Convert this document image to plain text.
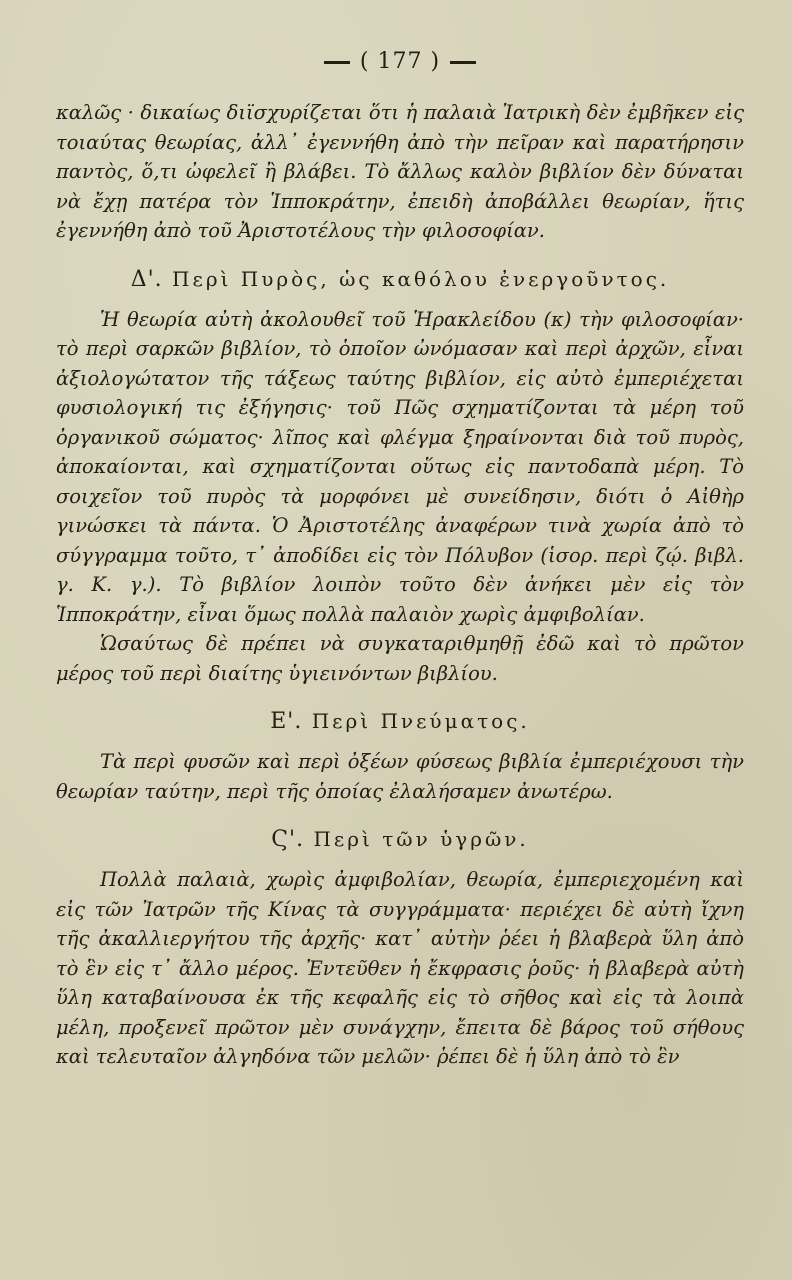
( 177 )

καλῶς · δικαίως διϊσχυρίζεται ὅτι ἡ παλαιὰ Ἰατρικὴ δὲν ἐμβῆκεν εἰς τοιαύτας θεωρίας, ἀλλ᾽ ἐγεννήθη ἀπὸ τὴν πεῖραν καὶ παρατήρησιν παντὸς, ὅ,τι ὠφελεῖ ἢ βλάβει. Τὸ ἄλλως καλὸν βιβλίον δὲν δύναται νὰ ἔχῃ πατέρα τὸν Ἱπποκράτην, ἐπειδὴ ἀποβάλλει θεωρίαν, ἥτις ἐγεννήθη ἀπὸ τοῦ Ἀριστοτέλους τὴν φιλοσοφίαν.

Δ'. Περὶ Πυρὸς, ὡς καθόλου ἐνεργοῦντος.

Ἡ θεωρία αὐτὴ ἀκολουθεῖ τοῦ Ἡρακλείδου (κ) τὴν φιλοσοφίαν· τὸ περὶ σαρκῶν βιβλίον, τὸ ὁποῖον ὠνόμασαν καὶ περὶ ἀρχῶν, εἶναι ἀξιολογώτατον τῆς τάξεως ταύτης βιβλίον, εἰς αὐτὸ ἐμπεριέχεται φυσιολογική τις ἐξήγησις· τοῦ Πῶς σχηματίζονται τὰ μέρη τοῦ ὀργανικοῦ σώματος· λῖπος καὶ φλέγμα ξηραίνονται διὰ τοῦ πυρὸς, ἀποκαίονται, καὶ σχηματίζονται οὕτως εἰς παντοδαπὰ μέρη. Τὸ σοιχεῖον τοῦ πυρὸς τὰ μορφόνει μὲ συνείδησιν, διότι ὁ Αἰθὴρ γινώσκει τὰ πάντα. Ὁ Ἀριστοτέλης ἀναφέρων τινὰ χωρία ἀπὸ τὸ σύγγραμμα τοῦτο, τ᾽ ἀποδίδει εἰς τὸν Πόλυβον (ἱσορ. περὶ ζῴ. βιβλ. γ. Κ. γ.). Τὸ βιβλίον λοιπὸν τοῦτο δὲν ἀνήκει μὲν εἰς τὸν Ἱπποκράτην, εἶναι ὅμως πολλὰ παλαιὸν χωρὶς ἀμφιβολίαν.

Ὡσαύτως δὲ πρέπει νὰ συγκαταριθμηθῇ ἐδῶ καὶ τὸ πρῶτον μέρος τοῦ περὶ διαίτης ὑγιεινόντων βιβλίου.

Ε'. Περὶ Πνεύματος.

Τὰ περὶ φυσῶν καὶ περὶ ὀξέων φύσεως βιβλία ἐμπεριέχουσι τὴν θεωρίαν ταύτην, περὶ τῆς ὁποίας ἐλαλήσαμεν ἀνωτέρω.

Ϛ'. Περὶ τῶν ὑγρῶν.

Πολλὰ παλαιὰ, χωρὶς ἀμφιβολίαν, θεωρία, ἐμπεριεχομένη καὶ εἰς τῶν Ἰατρῶν τῆς Κίνας τὰ συγγράμματα· περιέχει δὲ αὐτὴ ἴχνη τῆς ἀκαλλιεργήτου τῆς ἀρχῆς· κατ᾽ αὐτὴν ῥέει ἡ βλαβερὰ ὕλη ἀπὸ τὸ ἓν εἰς τ᾽ ἄλλο μέρος. Ἐντεῦθεν ἡ ἔκφρασις ῥοῦς· ἡ βλαβερὰ αὐτὴ ὕλη καταβαίνουσα ἐκ τῆς κεφαλῆς εἰς τὸ σῆθος καὶ εἰς τὰ λοιπὰ μέλη, προξενεῖ πρῶτον μὲν συνάγχην, ἔπειτα δὲ βάρος τοῦ σήθους καὶ τελευταῖον ἀλγηδόνα τῶν μελῶν· ῥέπει δὲ ἡ ὕλη ἀπὸ τὸ ἓν
